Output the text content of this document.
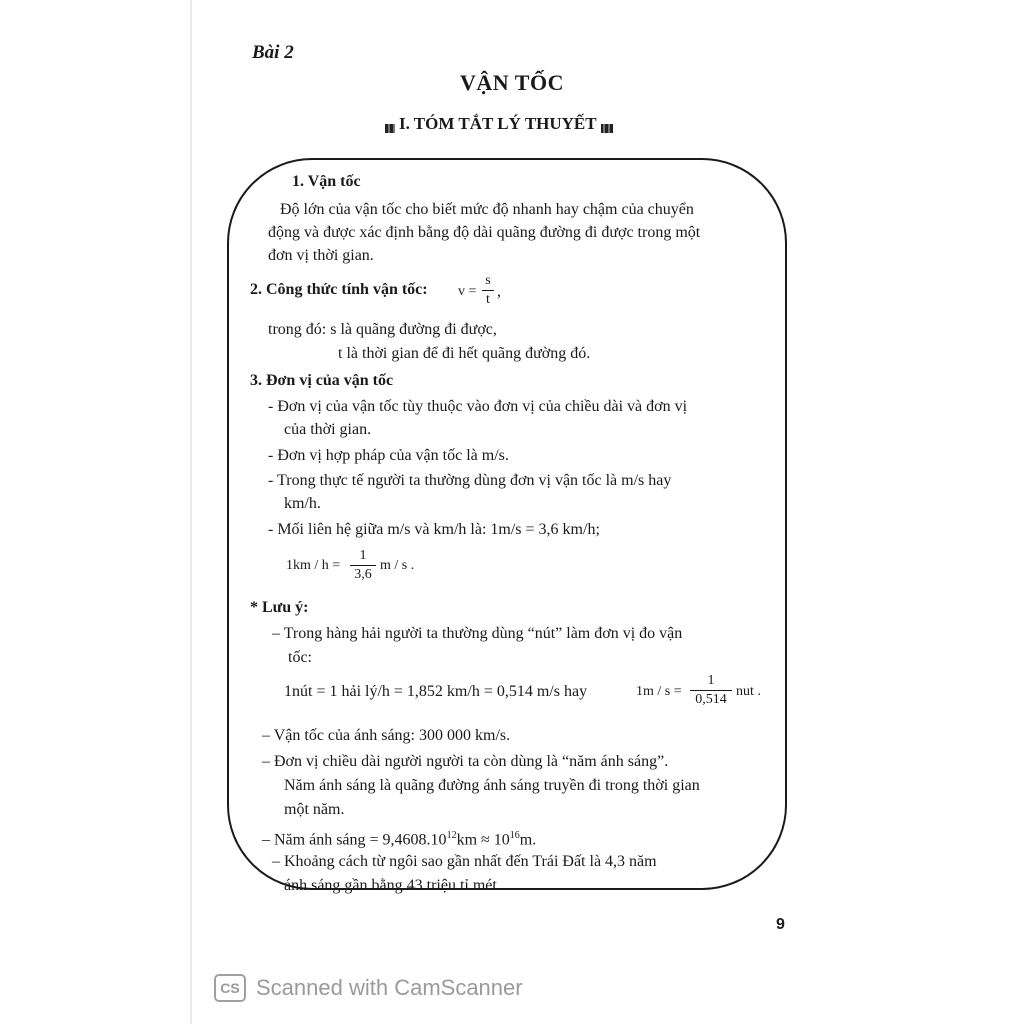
Bài 2
VẬN TỐC
I. TÓM TẮT LÝ THUYẾT
1. Vận tốc
Độ lớn của vận tốc cho biết mức độ nhanh hay chậm của chuyển
động và được xác định bằng độ dài quãng đường đi được trong một
đơn vị thời gian.
2. Công thức tính vận tốc: $v = \frac{s}{t}$ ,
trong đó: s là quãng đường đi được,
t là thời gian để đi hết quãng đường đó.
3. Đơn vị của vận tốc
- Đơn vị của vận tốc tùy thuộc vào đơn vị của chiều dài và đơn vị
của thời gian.
- Đơn vị hợp pháp của vận tốc là m/s.
- Trong thực tế người ta thường dùng đơn vị vận tốc là m/s hay
km/h.
- Mối liên hệ giữa m/s và km/h là: 1m/s = 3,6 km/h;
$1km / h = \frac{1}{3,6}$ m / s .
* Lưu ý:
– Trong hàng hải người ta thường dùng “nút” làm đơn vị đo vận
tốc:
1nút = 1 hải lý/h = 1,852 km/h = 0,514 m/s hay	$1m / s = \frac{1}{0,514}$ nut .
– Vận tốc của ánh sáng: 300 000 km/s.
– Đơn vị chiều dài người người ta còn dùng là “năm ánh sáng”.
Năm ánh sáng là quãng đường ánh sáng truyền đi trong thời gian
một năm.
– Năm ánh sáng = $9,4608.10^{12}km \approx 10^{16}m$.
– Khoảng cách từ ngôi sao gần nhất đến Trái Đất là 4,3 năm
ánh sáng gần bằng 43 triệu tỉ mét.
9
CS Scanned with CamScanner
